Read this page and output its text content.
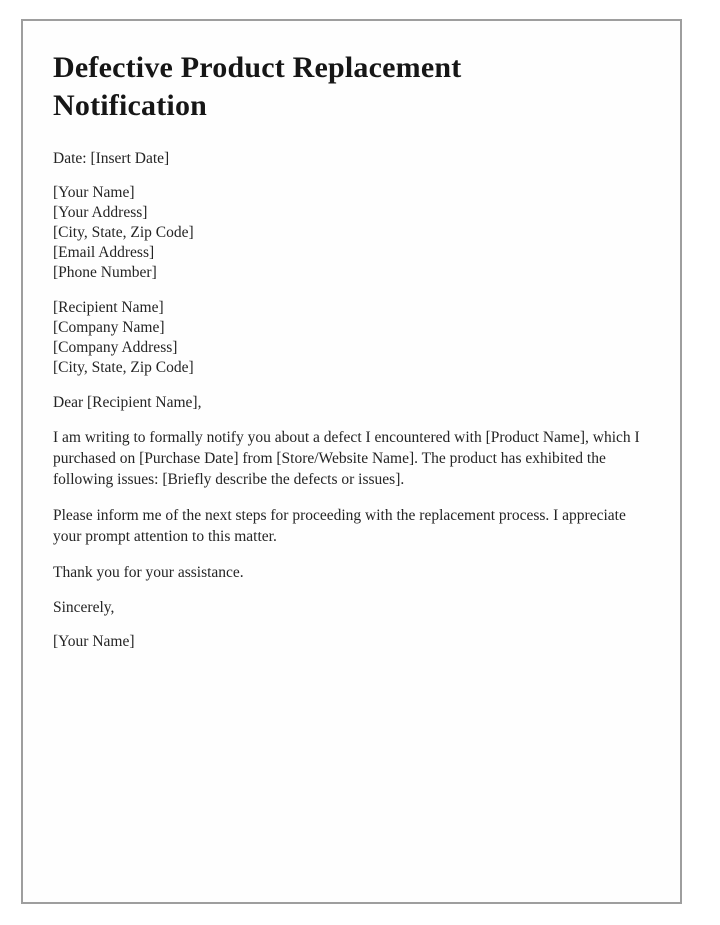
Defective Product Replacement Notification
Date: [Insert Date]
[Your Name]
[Your Address]
[City, State, Zip Code]
[Email Address]
[Phone Number]
[Recipient Name]
[Company Name]
[Company Address]
[City, State, Zip Code]
Dear [Recipient Name],

I am writing to formally notify you about a defect I encountered with [Product Name], which I purchased on [Purchase Date] from [Store/Website Name]. The product has exhibited the following issues: [Briefly describe the defects or issues].

Please inform me of the next steps for proceeding with the replacement process. I appreciate your prompt attention to this matter.

Thank you for your assistance.

Sincerely,
[Your Name]
